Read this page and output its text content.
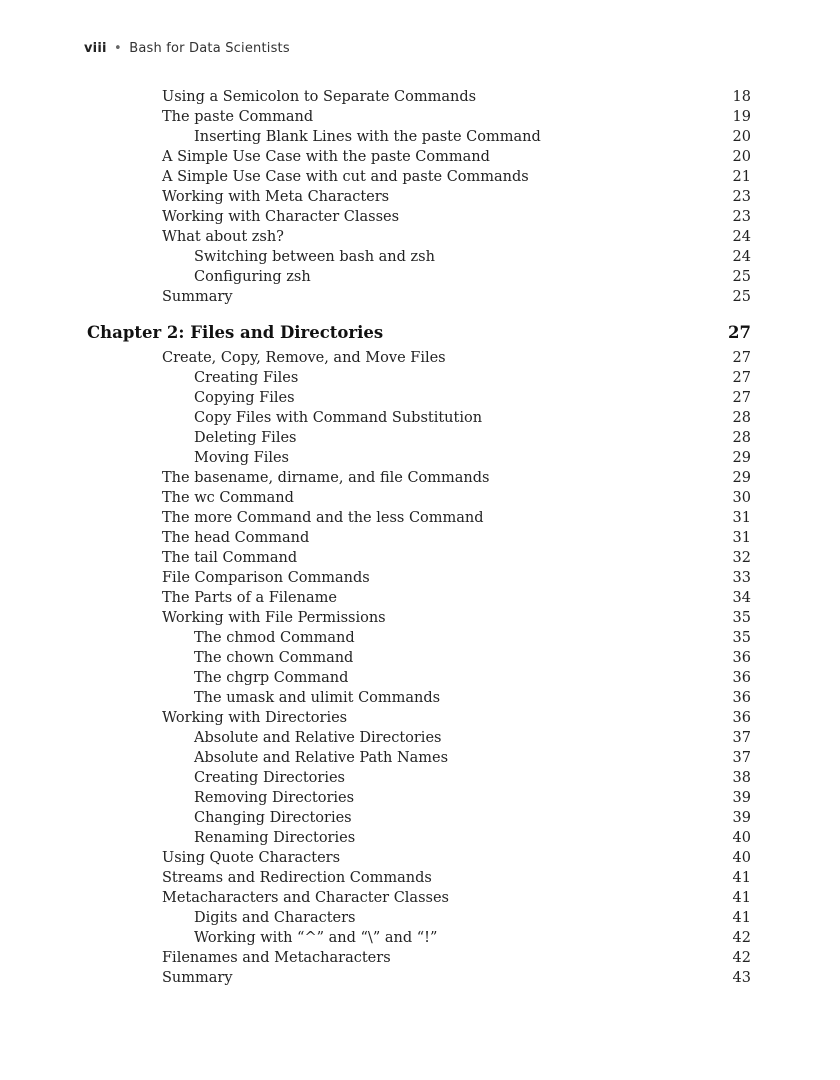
viii • Bash for Data Scientists
Using a Semicolon to Separate Commands	18
The paste Command	19
Inserting Blank Lines with the paste Command	20
A Simple Use Case with the paste Command	20
A Simple Use Case with cut and paste Commands	21
Working with Meta Characters	23
Working with Character Classes	23
What about zsh?	24
Switching between bash and zsh	24
Configuring zsh	25
Summary	25
Chapter 2: Files and Directories	27
Create, Copy, Remove, and Move Files	27
Creating Files	27
Copying Files	27
Copy Files with Command Substitution	28
Deleting Files	28
Moving Files	29
The basename, dirname, and file Commands	29
The wc Command	30
The more Command and the less Command	31
The head Command	31
The tail Command	32
File Comparison Commands	33
The Parts of a Filename	34
Working with File Permissions	35
The chmod Command	35
The chown Command	36
The chgrp Command	36
The umask and ulimit Commands	36
Working with Directories	36
Absolute and Relative Directories	37
Absolute and Relative Path Names	37
Creating Directories	38
Removing Directories	39
Changing Directories	39
Renaming Directories	40
Using Quote Characters	40
Streams and Redirection Commands	41
Metacharacters and Character Classes	41
Digits and Characters	41
Working with “^” and “\” and “!”	42
Filenames and Metacharacters	42
Summary	43
